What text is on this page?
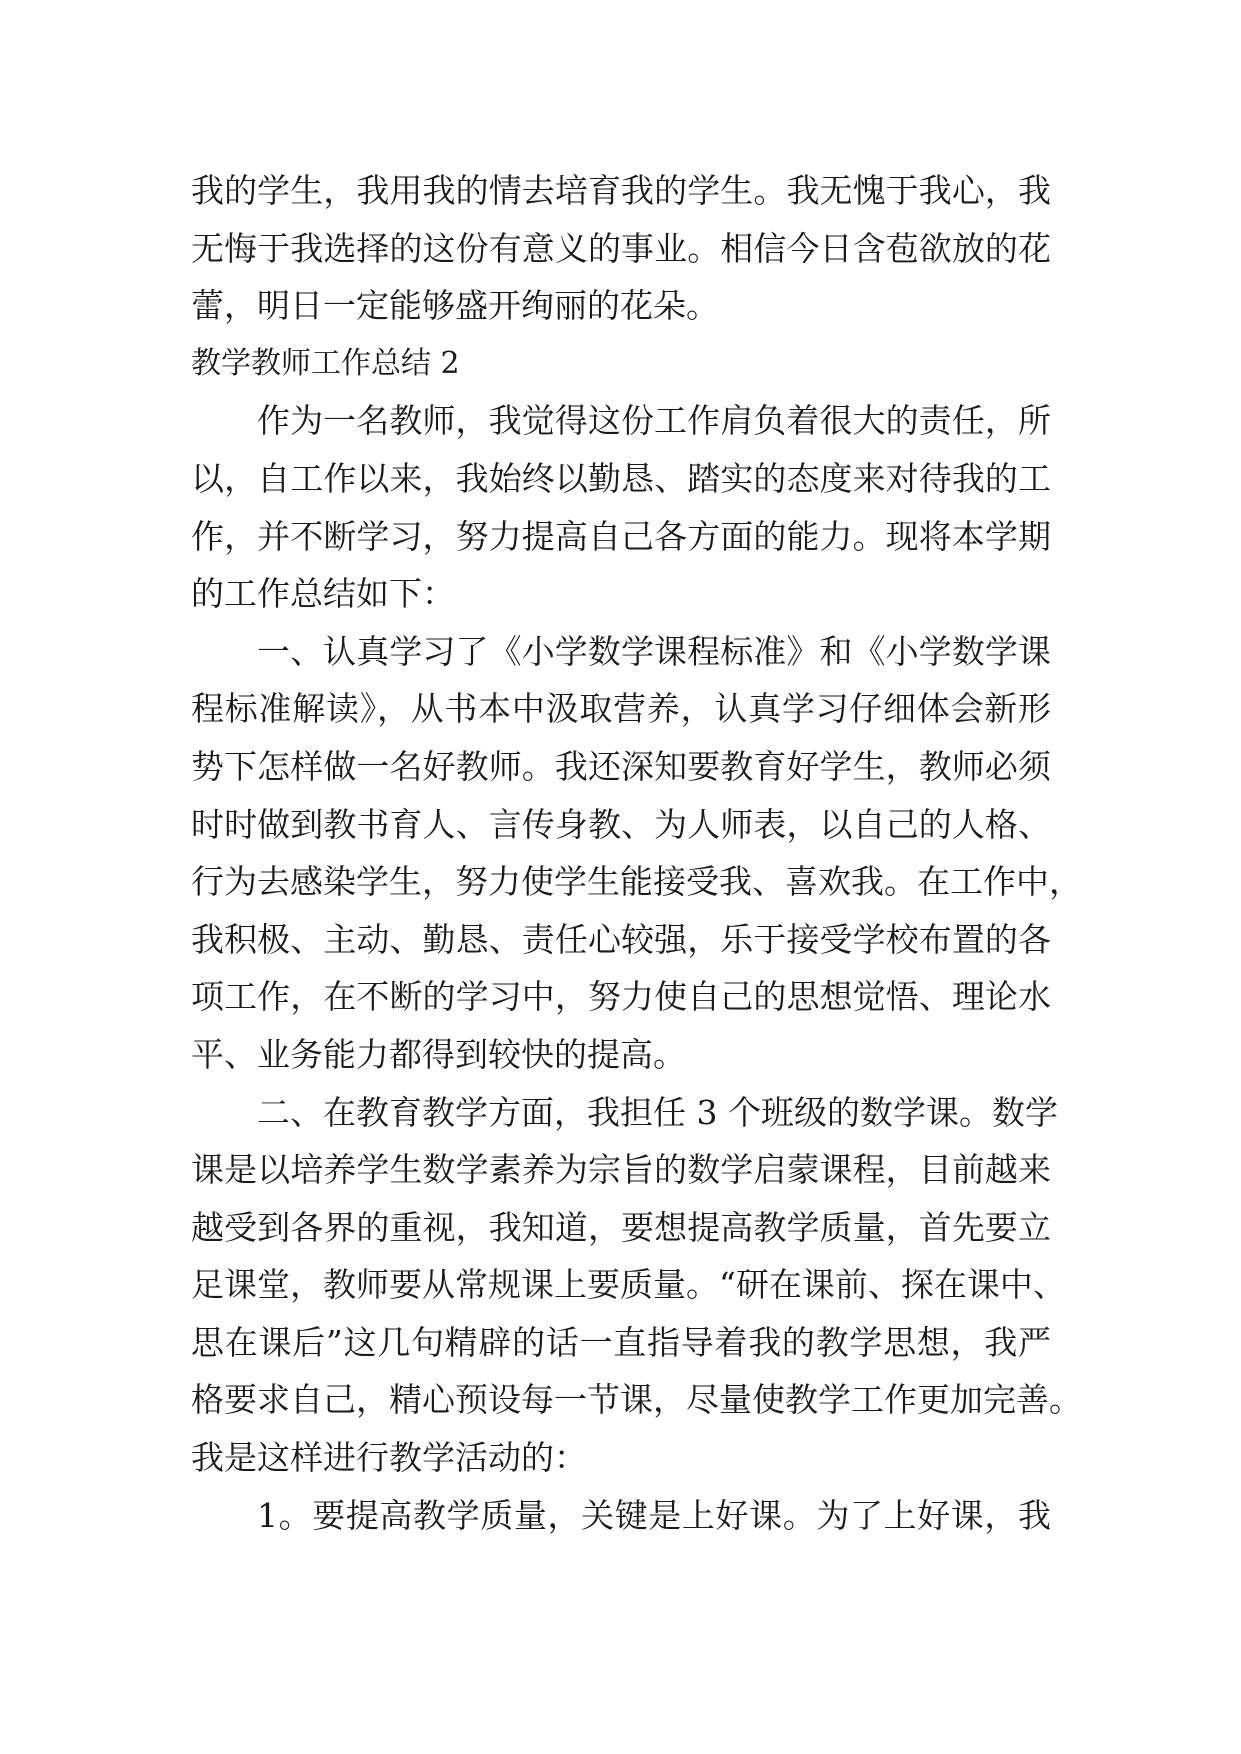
我的学生，我用我的情去培育我的学生。我无愧于我心，我
无悔于我选择的这份有意义的事业。相信今日含苞欲放的花
蕾，明日一定能够盛开绚丽的花朵。
教学教师工作总结 2
作为一名教师，我觉得这份工作肩负着很大的责任，所
以，自工作以来，我始终以勤恳、踏实的态度来对待我的工
作，并不断学习，努力提高自己各方面的能力。现将本学期
的工作总结如下：
一、认真学习了《小学数学课程标准》和《小学数学课
程标准解读》，从书本中汲取营养，认真学习仔细体会新形
势下怎样做一名好教师。我还深知要教育好学生，教师必须
时时做到教书育人、言传身教、为人师表，以自己的人格、
行为去感染学生，努力使学生能接受我、喜欢我。在工作中，
我积极、主动、勤恳、责任心较强，乐于接受学校布置的各
项工作，在不断的学习中，努力使自己的思想觉悟、理论水
平、业务能力都得到较快的提高。
二、在教育教学方面，我担任 3 个班级的数学课。数学
课是以培养学生数学素养为宗旨的数学启蒙课程，目前越来
越受到各界的重视，我知道，要想提高教学质量，首先要立
足课堂，教师要从常规课上要质量。“研在课前、探在课中、
思在课后”这几句精辟的话一直指导着我的教学思想，我严
格要求自己，精心预设每一节课，尽量使教学工作更加完善。
我是这样进行教学活动的：
1。要提高教学质量，关键是上好课。为了上好课，我
